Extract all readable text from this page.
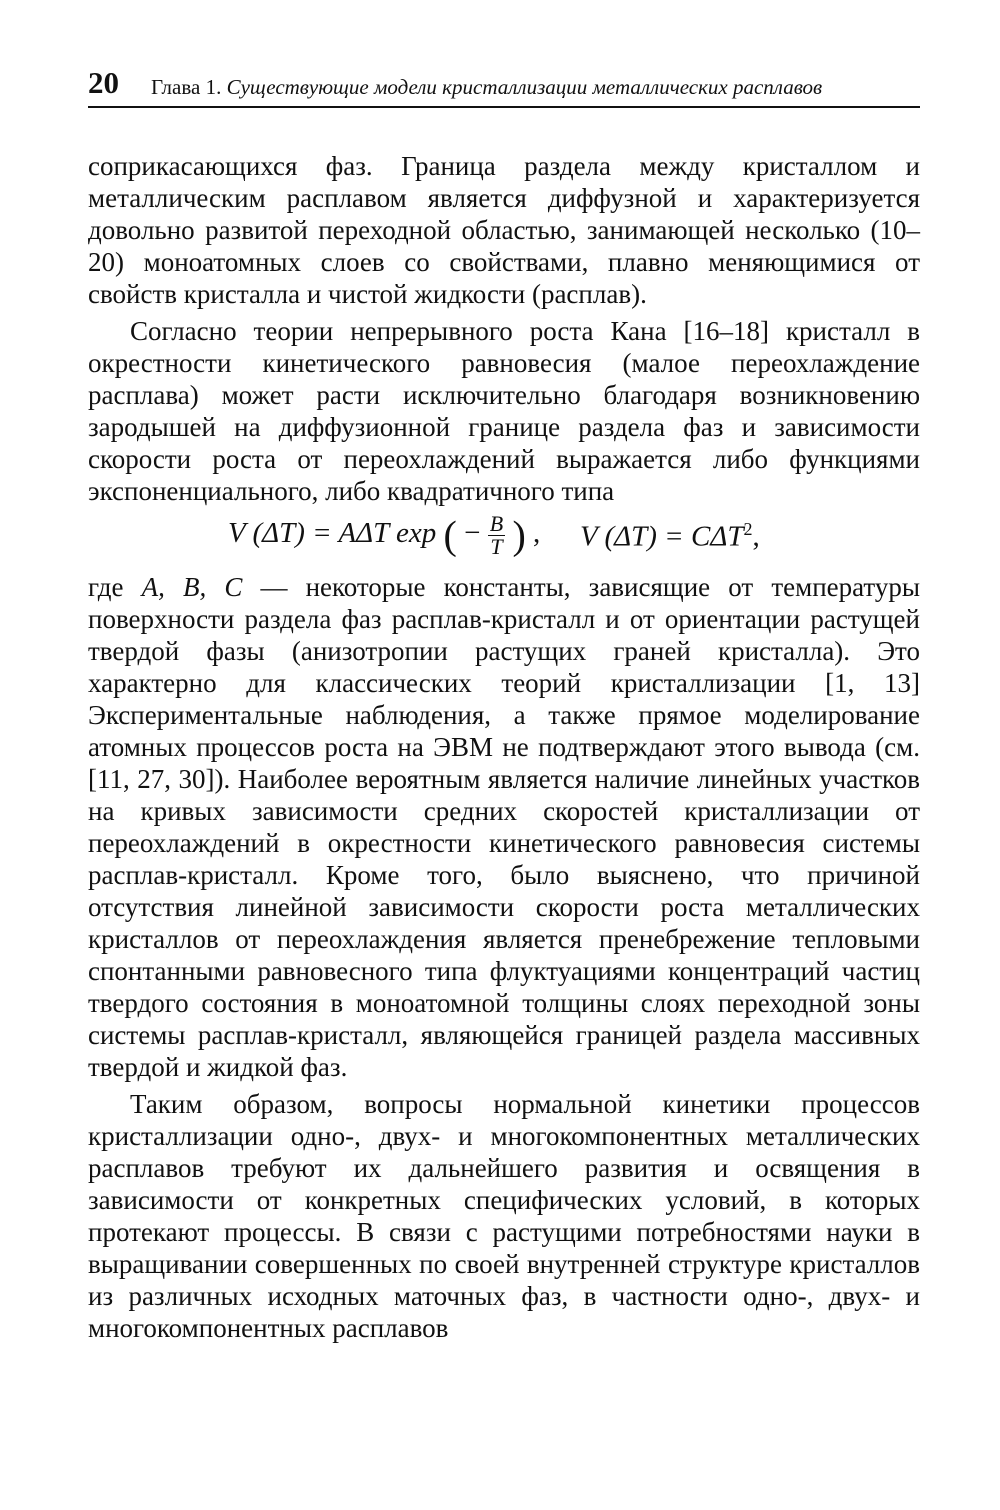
20 Глава 1. Существующие модели кристаллизации металлических расплавов

соприкасающихся фаз. Граница раздела между кристаллом и металлическим расплавом является диффузной и характеризуется довольно развитой переходной областью, занимающей несколько (10–20) моноатомных слоев со свойствами, плавно меняющимися от свойств кристалла и чистой жидкости (расплав).

Согласно теории непрерывного роста Кана [16–18] кристалл в окрестности кинетического равновесия (малое переохлаждение расплава) может расти исключительно благодаря возникновению зародышей на диффузионной границе раздела фаз и зависимости скорости роста от переохлаждений выражается либо функциями экспоненциального, либо квадратичного типа

V (ΔT) = AΔT exp ( − $\frac{B}{T}$ ) , V $(\Delta T) = C\Delta T^2$,

где A, B, C — некоторые константы, зависящие от температуры поверхности раздела фаз расплав-кристалл и от ориентации растущей твердой фазы (анизотропии растущих граней кристалла). Это характерно для классических теорий кристаллизации [1, 13] Экспериментальные наблюдения, а также прямое моделирование атомных процессов роста на ЭВМ не подтверждают этого вывода (см. [11, 27, 30]). Наиболее вероятным является наличие линейных участков на кривых зависимости средних скоростей кристаллизации от переохлаждений в окрестности кинетического равновесия системы расплав-кристалл. Кроме того, было выяснено, что причиной отсутствия линейной зависимости скорости роста металлических кристаллов от переохлаждения является пренебрежение тепловыми спонтанными равновесного типа флуктуациями концентраций частиц твердого состояния в моноатомной толщины слоях переходной зоны системы расплав-кристалл, являющейся границей раздела массивных твердой и жидкой фаз.

Таким образом, вопросы нормальной кинетики процессов кристаллизации одно-, двух- и многокомпонентных металлических расплавов требуют их дальнейшего развития и освящения в зависимости от конкретных специфических условий, в которых протекают процессы. В связи с растущими потребностями науки в выращивании совершенных по своей внутренней структуре кристаллов из различных исходных маточных фаз, в частности одно-, двух- и многокомпонентных расплавов
